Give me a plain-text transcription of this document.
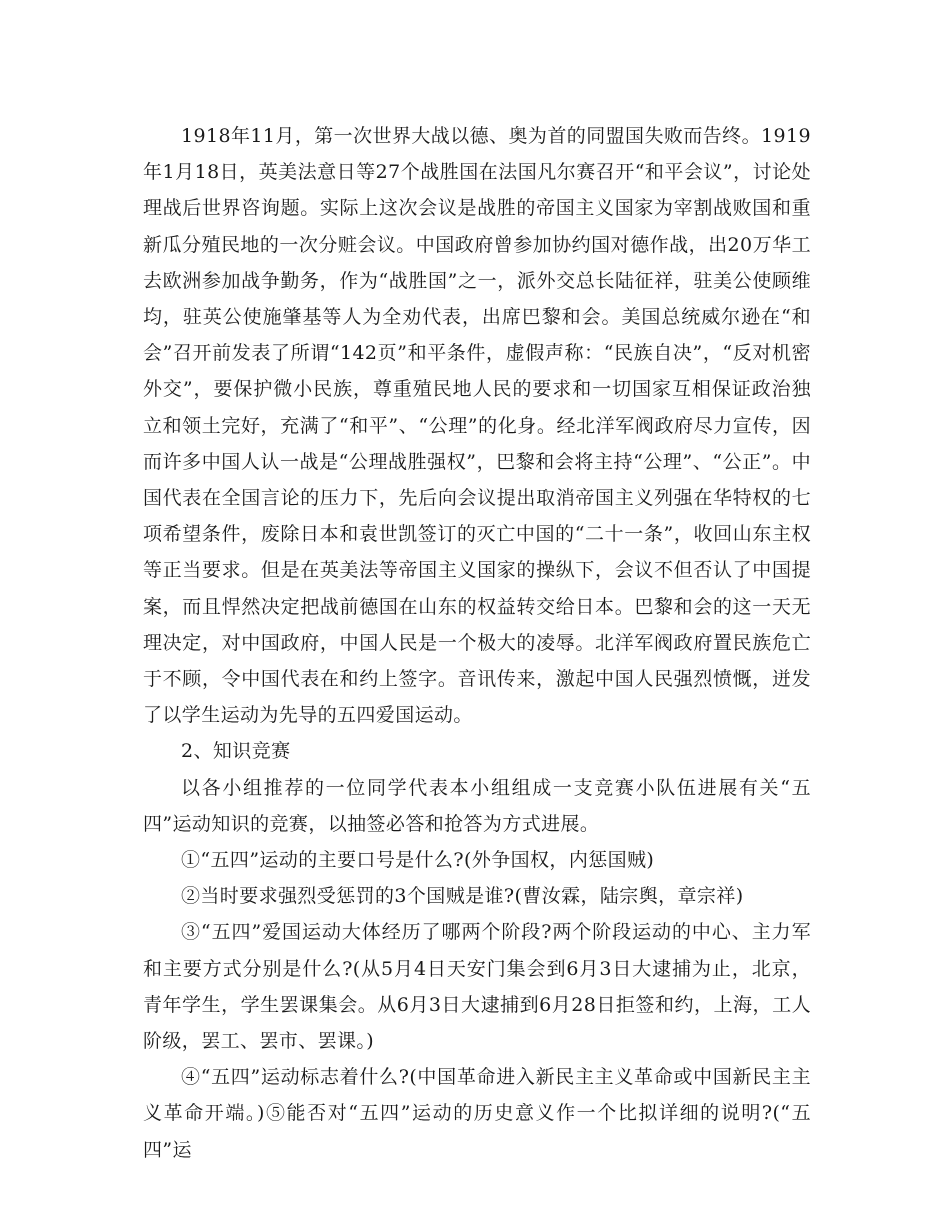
1918年11月，第一次世界大战以德、奥为首的同盟国失败而告终。1919年1月18日，英美法意日等27个战胜国在法国凡尔赛召开“和平会议”，讨论处理战后世界咨询题。实际上这次会议是战胜的帝国主义国家为宰割战败国和重新瓜分殖民地的一次分赃会议。中国政府曾参加协约国对德作战，出20万华工去欧洲参加战争勤务，作为“战胜国”之一，派外交总长陆征祥，驻美公使顾维均，驻英公使施肇基等人为全劝代表，出席巴黎和会。美国总统威尔逊在“和会”召开前发表了所谓“142页”和平条件，虚假声称：“民族自决”，“反对机密外交”，要保护微小民族，尊重殖民地人民的要求和一切国家互相保证政治独立和领土完好，充满了“和平”、“公理”的化身。经北洋军阀政府尽力宣传，因而许多中国人认一战是“公理战胜强权”，巴黎和会将主持“公理”、“公正”。中国代表在全国言论的压力下，先后向会议提出取消帝国主义列强在华特权的七项希望条件，废除日本和袁世凯签订的灭亡中国的“二十一条”，收回山东主权等正当要求。但是在英美法等帝国主义国家的操纵下，会议不但否认了中国提案，而且悍然决定把战前德国在山东的权益转交给日本。巴黎和会的这一天无理决定，对中国政府，中国人民是一个极大的凌辱。北洋军阀政府置民族危亡于不顾，令中国代表在和约上签字。音讯传来，激起中国人民强烈愤慨，迸发了以学生运动为先导的五四爱国运动。

2、知识竞赛

以各小组推荐的一位同学代表本小组组成一支竞赛小队伍进展有关“五四”运动知识的竞赛，以抽签必答和抢答为方式进展。

①“五四”运动的主要口号是什么?(外争国权，内惩国贼)

②当时要求强烈受惩罚的3个国贼是谁?(曹汝霖，陆宗舆，章宗祥)

③“五四”爱国运动大体经历了哪两个阶段?两个阶段运动的中心、主力军和主要方式分别是什么?(从5月4日天安门集会到6月3日大逮捕为止，北京，青年学生，学生罢课集会。从6月3日大逮捕到6月28日拒签和约，上海，工人阶级，罢工、罢市、罢课。)

④“五四”运动标志着什么?(中国革命进入新民主主义革命或中国新民主主义革命开端。)⑤能否对“五四”运动的历史意义作一个比拟详细的说明?(“五四”运
